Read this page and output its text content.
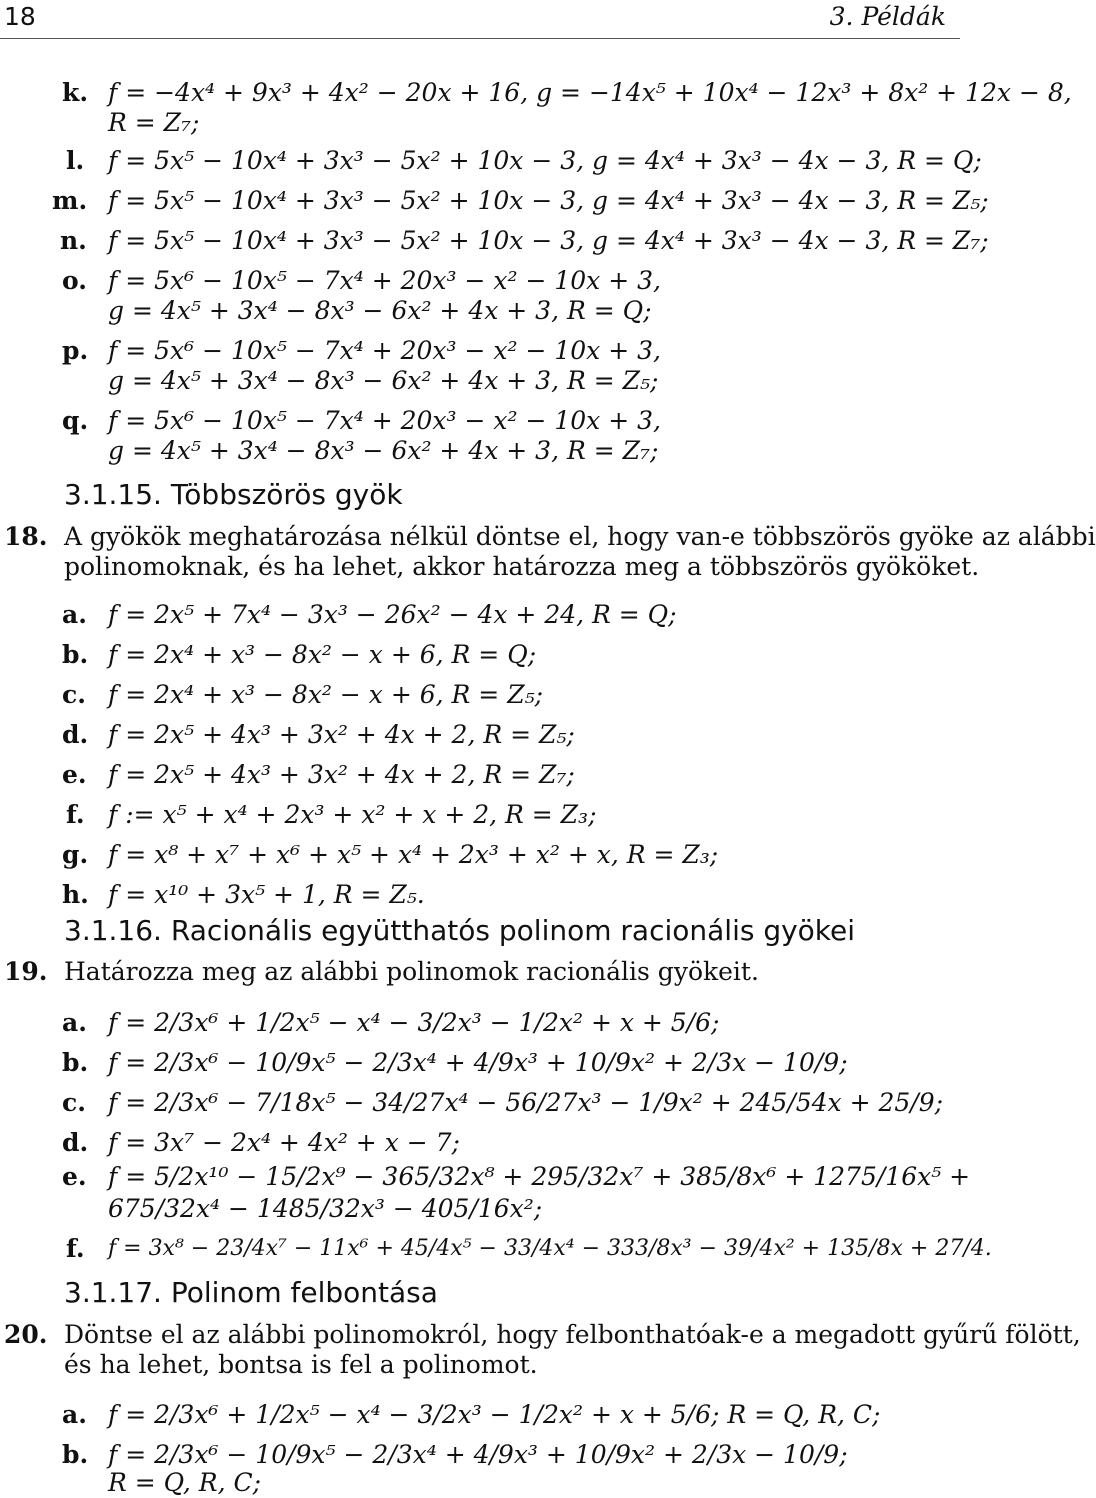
18	3. Példák
k. f = −4x⁴ + 9x³ + 4x² − 20x + 16, g = −14x⁵ + 10x⁴ − 12x³ + 8x² + 12x − 8,
R = Z₇;
l. f = 5x⁵ − 10x⁴ + 3x³ − 5x² + 10x − 3, g = 4x⁴ + 3x³ − 4x − 3, R = Q;
m. f = 5x⁵ − 10x⁴ + 3x³ − 5x² + 10x − 3, g = 4x⁴ + 3x³ − 4x − 3, R = Z₅;
n. f = 5x⁵ − 10x⁴ + 3x³ − 5x² + 10x − 3, g = 4x⁴ + 3x³ − 4x − 3, R = Z₇;
o. f = 5x⁶ − 10x⁵ − 7x⁴ + 20x³ − x² − 10x + 3,
g = 4x⁵ + 3x⁴ − 8x³ − 6x² + 4x + 3, R = Q;
p. f = 5x⁶ − 10x⁵ − 7x⁴ + 20x³ − x² − 10x + 3,
g = 4x⁵ + 3x⁴ − 8x³ − 6x² + 4x + 3, R = Z₅;
q. f = 5x⁶ − 10x⁵ − 7x⁴ + 20x³ − x² − 10x + 3,
g = 4x⁵ + 3x⁴ − 8x³ − 6x² + 4x + 3, R = Z₇;
3.1.15. Többszörös gyök
18. A gyökök meghatározása nélkül döntse el, hogy van-e többszörös gyöke az alábbi
polinomoknak, és ha lehet, akkor határozza meg a többszörös gyököket.
a. f = 2x⁵ + 7x⁴ − 3x³ − 26x² − 4x + 24, R = Q;
b. f = 2x⁴ + x³ − 8x² − x + 6, R = Q;
c. f = 2x⁴ + x³ − 8x² − x + 6, R = Z₅;
d. f = 2x⁵ + 4x³ + 3x² + 4x + 2, R = Z₅;
e. f = 2x⁵ + 4x³ + 3x² + 4x + 2, R = Z₇;
f. f := x⁵ + x⁴ + 2x³ + x² + x + 2, R = Z₃;
g. f = x⁸ + x⁷ + x⁶ + x⁵ + x⁴ + 2x³ + x² + x, R = Z₃;
h. f = x¹⁰ + 3x⁵ + 1, R = Z₅.
3.1.16. Racionális együtthatós polinom racionális gyökei
19. Határozza meg az alábbi polinomok racionális gyökeit.
a. f = 2/3x⁶ + 1/2x⁵ − x⁴ − 3/2x³ − 1/2x² + x + 5/6;
b. f = 2/3x⁶ − 10/9x⁵ − 2/3x⁴ + 4/9x³ + 10/9x² + 2/3x − 10/9;
c. f = 2/3x⁶ − 7/18x⁵ − 34/27x⁴ − 56/27x³ − 1/9x² + 245/54x + 25/9;
d. f = 3x⁷ − 2x⁴ + 4x² + x − 7;
e. f = 5/2x¹⁰ − 15/2x⁹ − 365/32x⁸ + 295/32x⁷ + 385/8x⁶ + 1275/16x⁵ +
675/32x⁴ − 1485/32x³ − 405/16x²;
f. f = 3x⁸ − 23/4x⁷ − 11x⁶ + 45/4x⁵ − 33/4x⁴ − 333/8x³ − 39/4x² + 135/8x + 27/4.
3.1.17. Polinom felbontása
20. Döntse el az alábbi polinomokról, hogy felbonthatóak-e a megadott gyűrű fölött,
és ha lehet, bontsa is fel a polinomot.
a. f = 2/3x⁶ + 1/2x⁵ − x⁴ − 3/2x³ − 1/2x² + x + 5/6; R = Q, R, C;
b. f = 2/3x⁶ − 10/9x⁵ − 2/3x⁴ + 4/9x³ + 10/9x² + 2/3x − 10/9;
R = Q, R, C;
